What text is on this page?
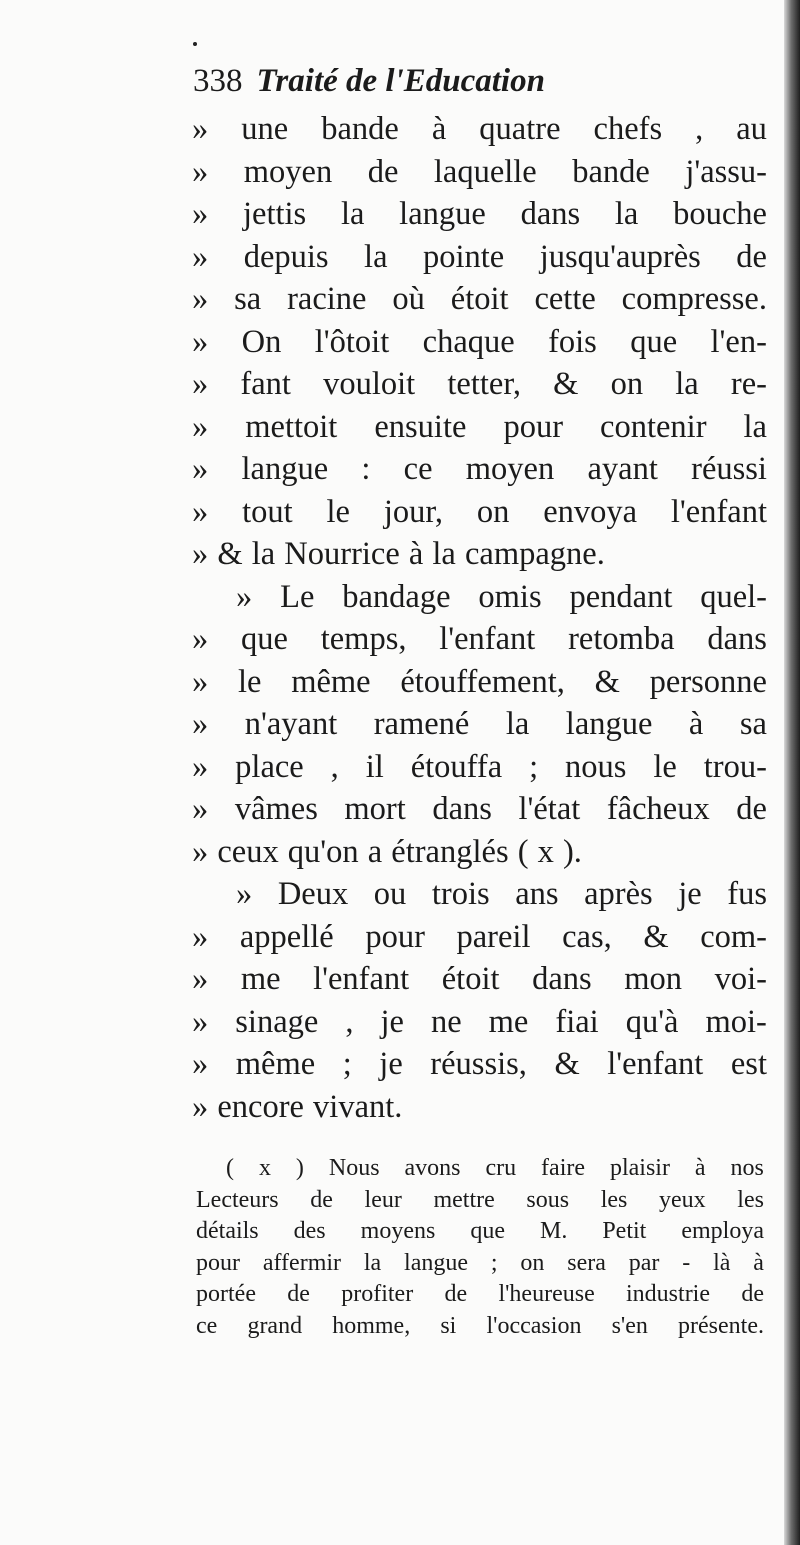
338 Traité de l'Education
» une bande à quatre chefs , au
» moyen de laquelle bande j'assu-
» jettis la langue dans la bouche
» depuis la pointe jusqu'auprès de
» sa racine où étoit cette compresse.
» On l'ôtoit chaque fois que l'en-
» fant vouloit tetter, & on la re-
» mettoit ensuite pour contenir la
» langue : ce moyen ayant réussi
» tout le jour, on envoya l'enfant
» & la Nourrice à la campagne.
» Le bandage omis pendant quel-
» que temps, l'enfant retomba dans
» le même étouffement, & personne
» n'ayant ramené la langue à sa
» place , il étouffa ; nous le trou-
» vâmes mort dans l'état fâcheux de
» ceux qu'on a étranglés ( x ).
» Deux ou trois ans après je fus
» appellé pour pareil cas, & com-
» me l'enfant étoit dans mon voi-
» sinage , je ne me fiai qu'à moi-
» même ; je réussis, & l'enfant est
» encore vivant.
( x ) Nous avons cru faire plaisir à nos
Lecteurs de leur mettre sous les yeux les
détails des moyens que M. Petit employa
pour affermir la langue ; on sera par - là à
portée de profiter de l'heureuse industrie de
ce grand homme, si l'occasion s'en présente.
